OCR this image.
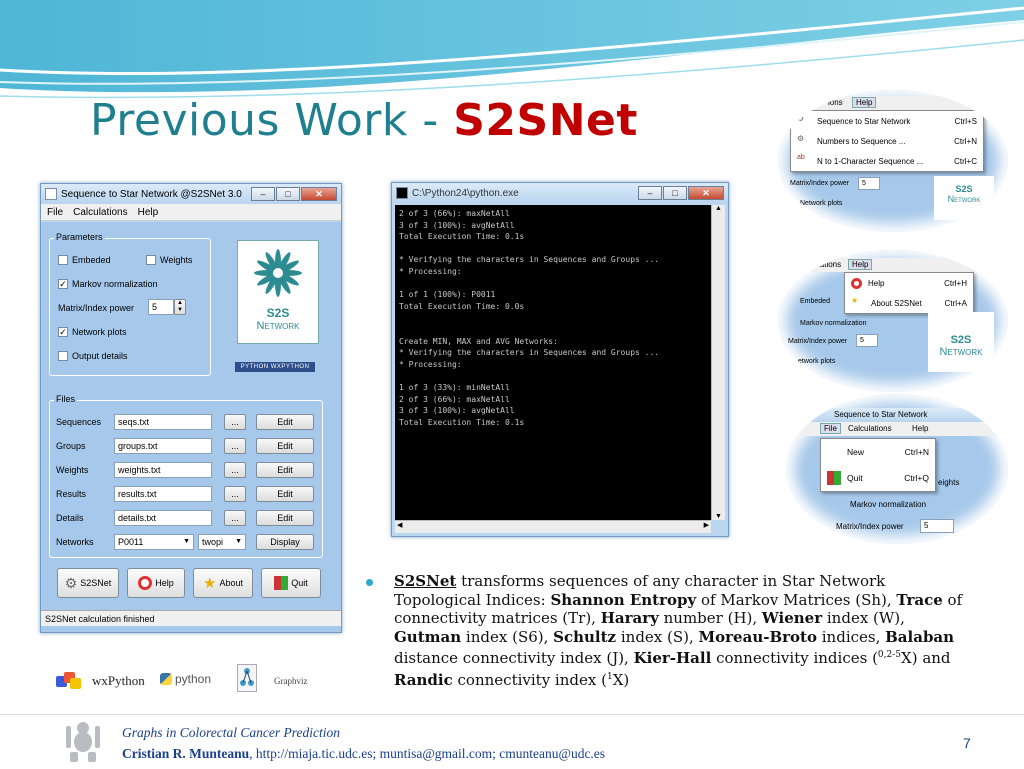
Previous Work - S2SNet
Sequence to Star Network @S2SNet 3.0	–	□	✕
File Calculations Help
Parameters
Embeded	Weights
✓ Markov normalization
Matrix/Index power	5	▲
▼
✓ Network plots
Output details
S2S
Network
PYTHON WXPYTHON
Files
Sequences	seqs.txt	...	Edit
Groups	groups.txt	...	Edit
Weights	weights.txt	...	Edit
Results	results.txt	...	Edit
Details	details.txt	...	Edit
Networks	P0011	▼	twopi ▼	Display
⚙ S2SNet	Help ★ About	Quit
S2SNet calculation finished
C:\Python24\python.exe	–	□	✕
2 of 3 (66%): maxNetAll
3 of 3 (100%): avgNetAll
Total Execution Time: 0.1s

* Verifying the characters in Sequences and Groups ...
* Processing:

1 of 1 (100%): P0011
Total Execution Time: 0.0s

Create MIN, MAX and AVG Networks:
* Verifying the characters in Sequences and Groups ...
* Processing:

1 of 3 (33%): minNetAll
2 of 3 (66%): maxNetAll
3 of 3 (100%): avgNetAll
Total Execution Time: 0.1s
▲
▼
◀	▶
ions	Help
⚙	Sequence to Star Network	Ctrl+S
⚙	Numbers to Sequence ...	Ctrl+N
ab	N to 1-Character Sequence ...	Ctrl+C
Matrix/Index power	5
Network plots
S2S
Network
lations	Help
Help	Ctrl+H
★	About S2SNet	Ctrl+A
Embeded
Markov normalization
Matrix/Index power	5
etwork plots
S2S
Network
Sequence to Star Network
File	Calculations	Help
New	Ctrl+N
Quit	Ctrl+Q eights
Markov normalization
Matrix/Index power	5
wxPython	python	Graphviz
S2SNet transforms sequences of any character in Star Network Topological Indices: Shannon Entropy of Markov Matrices (Sh), Trace of connectivity matrices (Tr), Harary number (H), Wiener index (W), Gutman index (S6), Schultz index (S), Moreau-Broto indices, Balaban distance connectivity index (J), Kier-Hall connectivity indices ($^{0,2-5}$X) and Randic connectivity index ($^1$X)
Graphs in Colorectal Cancer Prediction
Cristian R. Munteanu, http://miaja.tic.udc.es; muntisa@gmail.com; cmunteanu@udc.es
7
